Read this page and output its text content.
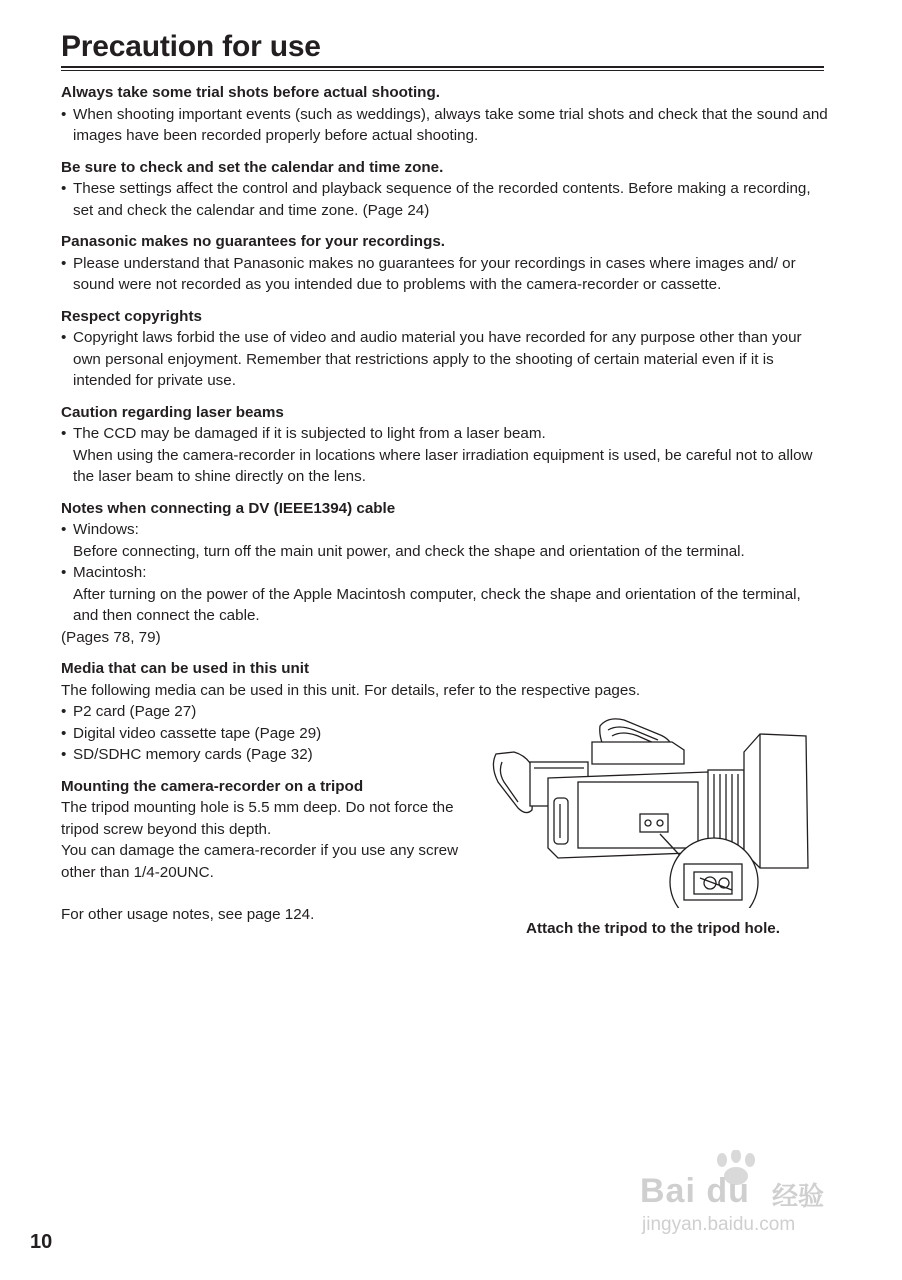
Precaution for use

Always take some trial shots before actual shooting.

• When shooting important events (such as weddings), always take some trial shots and check that the sound and images have been recorded properly before actual shooting.

Be sure to check and set the calendar and time zone.

• These settings affect the control and playback sequence of the recorded contents. Before making a recording, set and check the calendar and time zone. (Page 24)

Panasonic makes no guarantees for your recordings.

• Please understand that Panasonic makes no guarantees for your recordings in cases where images and/ or sound were not recorded as you intended due to problems with the camera-recorder or cassette.

Respect copyrights

• Copyright laws forbid the use of video and audio material you have recorded for any purpose other than your own personal enjoyment. Remember that restrictions apply to the shooting of certain material even if it is intended for private use.

Caution regarding laser beams

• The CCD may be damaged if it is subjected to light from a laser beam.

When using the camera-recorder in locations where laser irradiation equipment is used, be careful not to allow the laser beam to shine directly on the lens.

Notes when connecting a DV (IEEE1394) cable

• Windows:

Before connecting, turn off the main unit power, and check the shape and orientation of the terminal.

• Macintosh:

After turning on the power of the Apple Macintosh computer, check the shape and orientation of the terminal, and then connect the cable.

(Pages 78, 79)

Media that can be used in this unit

The following media can be used in this unit. For details, refer to the respective pages.

• P2 card (Page 27)

• Digital video cassette tape (Page 29)

• SD/SDHC memory cards (Page 32)

Mounting the camera-recorder on a tripod

The tripod mounting hole is 5.5 mm deep. Do not force the tripod screw beyond this depth.

You can damage the camera-recorder if you use any screw other than 1/4-20UNC.

For other usage notes, see page 124.

Attach the tripod to the tripod hole.
10
Bai du 经验
jingyan.baidu.com
